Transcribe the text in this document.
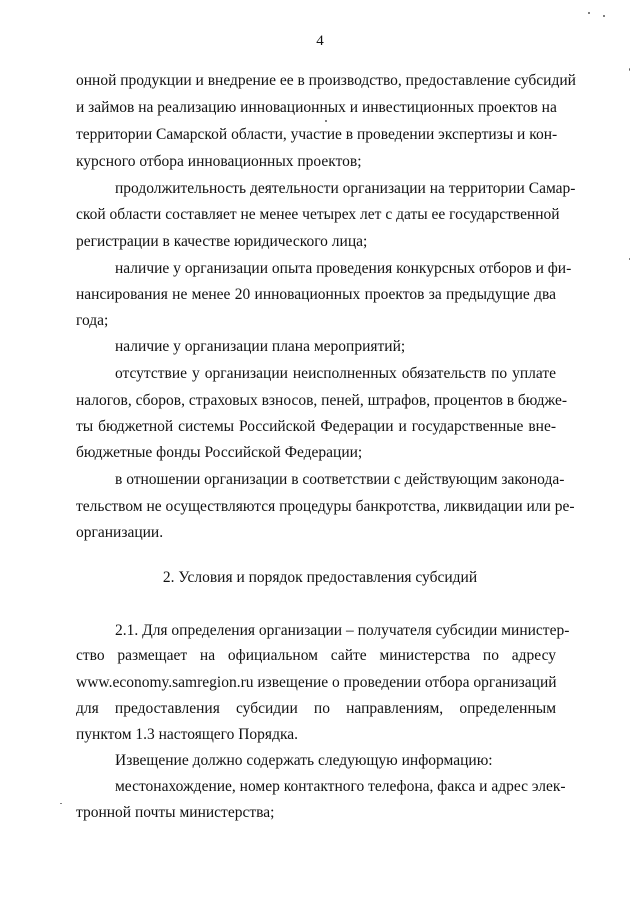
4
онной продукции и внедрение ее в производство, предоставление субсидий
и займов на реализацию инновационных и инвестиционных проектов на
территории Самарской области, участие в проведении экспертизы и кон-
курсного отбора инновационных проектов;
продолжительность деятельности организации на территории Самар-
ской области составляет не менее четырех лет с даты ее государственной
регистрации в качестве юридического лица;
наличие у организации опыта проведения конкурсных отборов и фи-
нансирования не менее 20 инновационных проектов за предыдущие два
года;
наличие у организации плана мероприятий;
отсутствие у организации неисполненных обязательств по уплате
налогов, сборов, страховых взносов, пеней, штрафов, процентов в бюдже-
ты бюджетной системы Российской Федерации и государственные вне-
бюджетные фонды Российской Федерации;
в отношении организации в соответствии с действующим законода-
тельством не осуществляются процедуры банкротства, ликвидации или ре-
организации.
2. Условия и порядок предоставления субсидий
2.1. Для определения организации – получателя субсидии министер-
ство размещает на официальном сайте министерства по адресу
www.economy.samregion.ru извещение о проведении отбора организаций
для предоставления субсидии по направлениям, определенным
пунктом 1.3 настоящего Порядка.
Извещение должно содержать следующую информацию:
местонахождение, номер контактного телефона, факса и адрес элек-
тронной почты министерства;
